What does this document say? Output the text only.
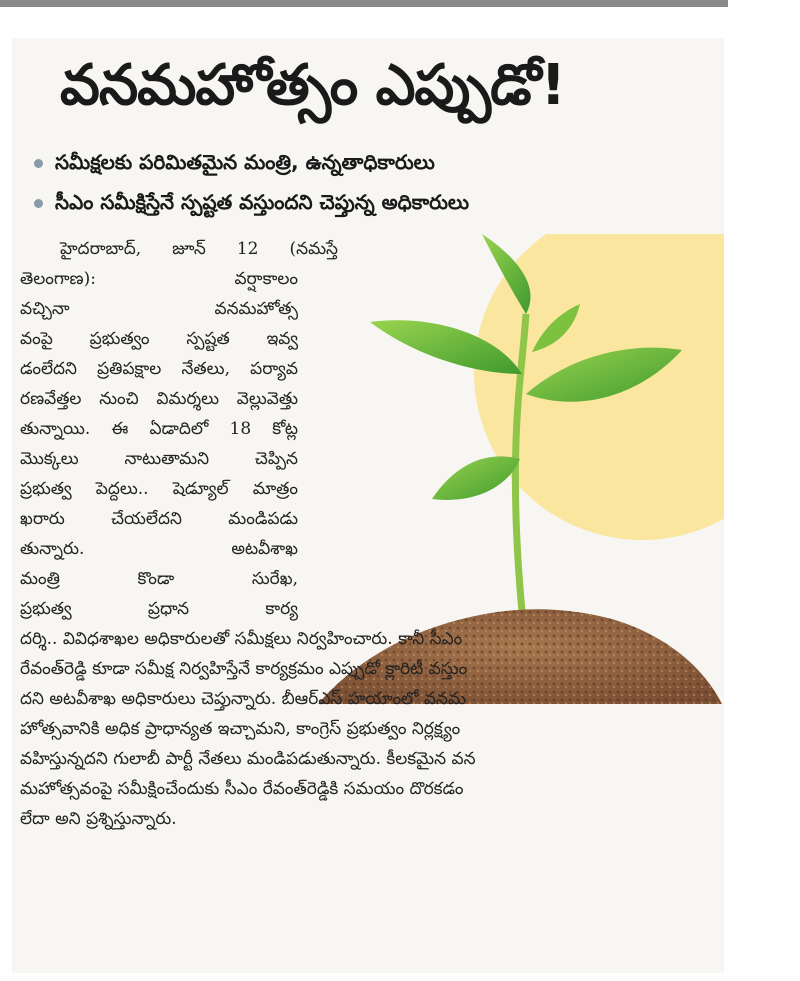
వనమహోత్సం ఎప్పుడో!
సమీక్షలకు పరిమితమైన మంత్రి, ఉన్నతాధికారులు
సీఎం సమీక్షిస్తేనే స్పష్టత వస్తుందని చెప్తున్న అధికారులు
హైదరాబాద్, జూన్ 12 (నమస్తే
తెలంగాణ): వర్షాకాలం
వచ్చినా వనమహోత్స
వంపై ప్రభుత్వం స్పష్టత ఇవ్వ
డంలేదని ప్రతిపక్షాల నేతలు, పర్యావ
రణవేత్తల నుంచి విమర్శలు వెల్లువెత్తు
తున్నాయి. ఈ ఏడాదిలో 18 కోట్ల
మొక్కలు నాటుతామని చెప్పిన
ప్రభుత్వ పెద్దలు.. షెడ్యూల్ మాత్రం
ఖరారు చేయలేదని మండిపడు
తున్నారు. అటవీశాఖ
మంత్రి కొండా సురేఖ,
ప్రభుత్వ ప్రధాన కార్య
దర్శి.. వివిధశాఖల అధికారులతో సమీక్షలు నిర్వహించారు. కానీ సీఎం
రేవంత్‌రెడ్డి కూడా సమీక్ష నిర్వహిస్తేనే కార్యక్రమం ఎప్పుడో క్లారిటీ వస్తుం
దని అటవీశాఖ అధికారులు చెప్తున్నారు. బీఆర్‌ఎస్ హయాంలో వనమ
హోత్సవానికి అధిక ప్రాధాన్యత ఇచ్చామని, కాంగ్రెస్ ప్రభుత్వం నిర్లక్ష్యం
వహిస్తున్నదని గులాబీ పార్టీ నేతలు మండిపడుతున్నారు. కీలకమైన వన
మహోత్సవంపై సమీక్షించేందుకు సీఎం రేవంత్‌రెడ్డికి సమయం దొరకడం
లేదా అని ప్రశ్నిస్తున్నారు.
